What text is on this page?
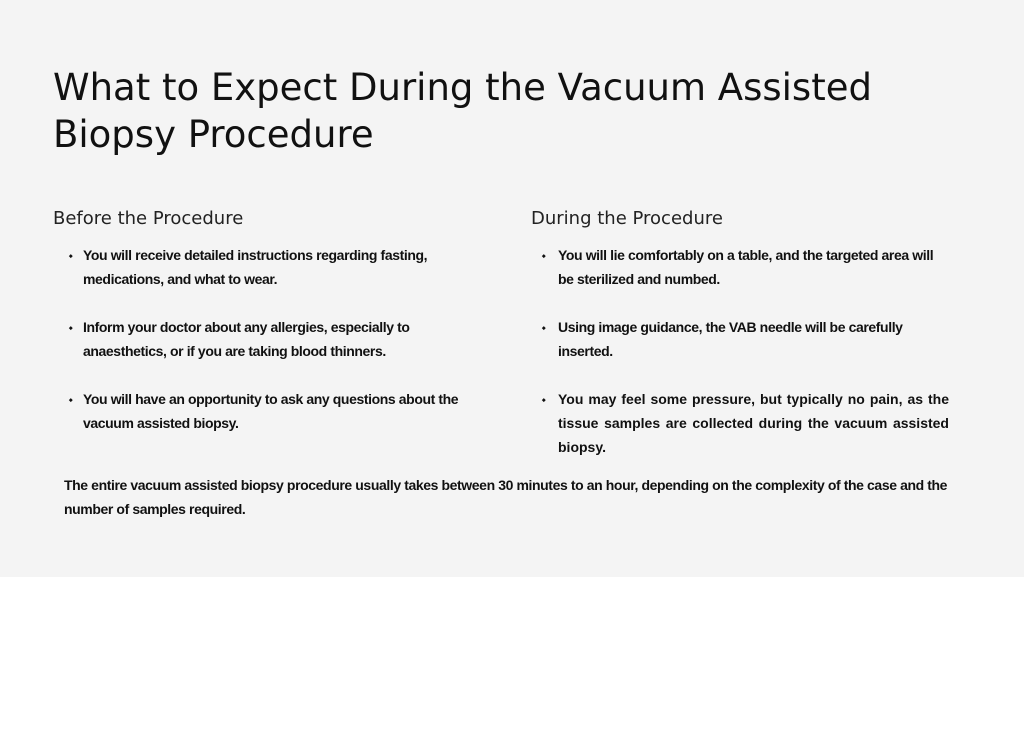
What to Expect During the Vacuum Assisted Biopsy Procedure
Before the Procedure
⬩ You will receive detailed instructions regarding fasting, medications, and what to wear.
⬩ Inform your doctor about any allergies, especially to anaesthetics, or if you are taking blood thinners.
⬩ You will have an opportunity to ask any questions about the vacuum assisted biopsy.
During the Procedure
⬩ You will lie comfortably on a table, and the targeted area will be sterilized and numbed.
⬩ Using image guidance, the VAB needle will be carefully inserted.
⬩ You may feel some pressure, but typically no pain, as the tissue samples are collected during the vacuum assisted biopsy.

The entire vacuum assisted biopsy procedure usually takes between 30 minutes to an hour, depending on the complexity of the case and the number of samples required.
